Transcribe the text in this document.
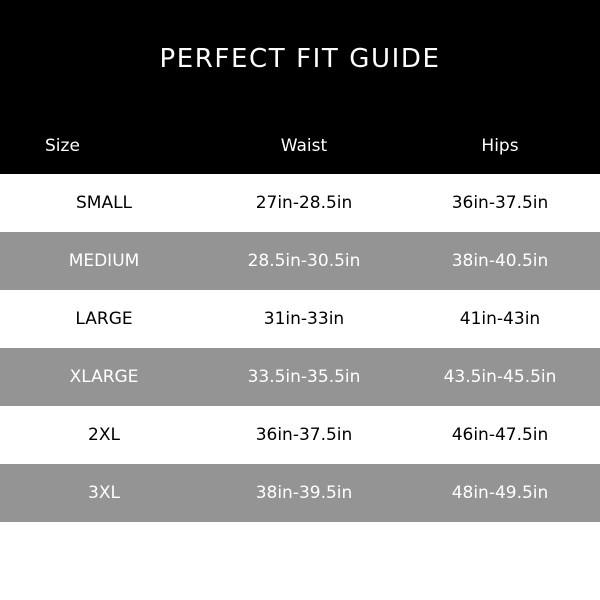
PERFECT FIT GUIDE
Size	Waist	Hips
SMALL	27in-28.5in	36in-37.5in
MEDIUM	28.5in-30.5in	38in-40.5in
LARGE	31in-33in	41in-43in
XLARGE	33.5in-35.5in	43.5in-45.5in
2XL	36in-37.5in	46in-47.5in
3XL	38in-39.5in	48in-49.5in
